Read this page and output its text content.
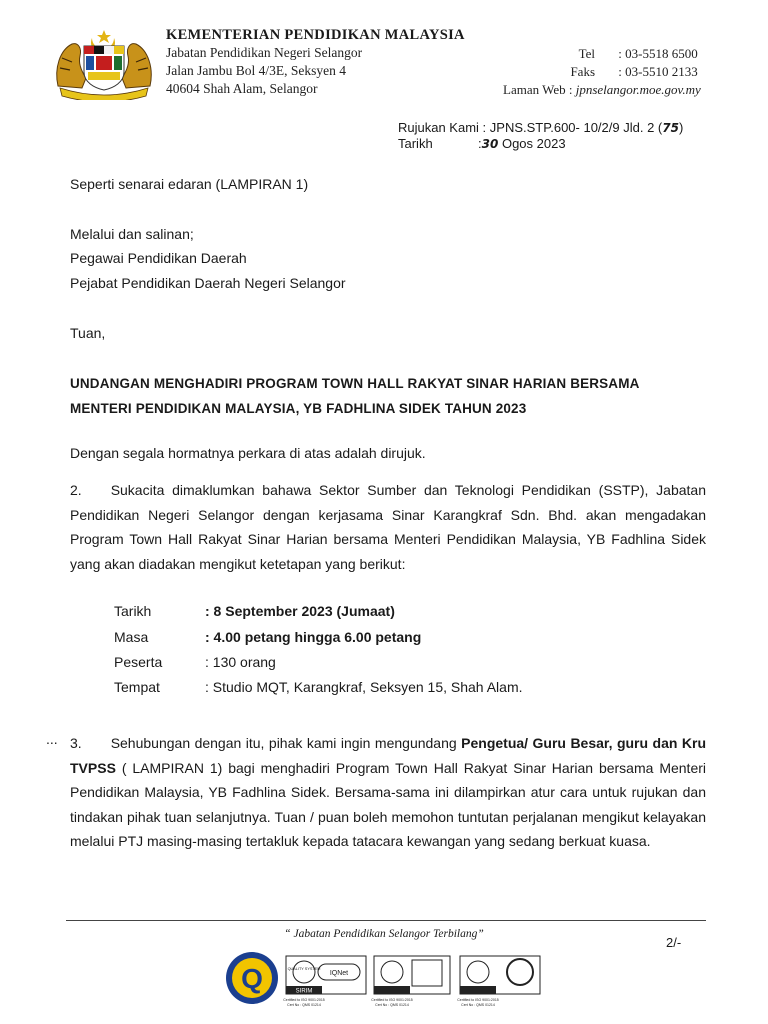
KEMENTERIAN PENDIDIKAN MALAYSIA
Jabatan Pendidikan Negeri Selangor
Jalan Jambu Bol 4/3E, Seksyen 4
40604 Shah Alam, Selangor
Tel : 03-5518 6500
Faks : 03-5510 2133
Laman Web : jpnselangor.moe.gov.my
Rujukan Kami : JPNS.STP.600- 10/2/9 Jld. 2 (75)
Tarikh	:30 Ogos 2023
Seperti senarai edaran (LAMPIRAN 1)
Melalui dan salinan;
Pegawai Pendidikan Daerah
Pejabat Pendidikan Daerah Negeri Selangor
Tuan,
UNDANGAN MENGHADIRI PROGRAM TOWN HALL RAKYAT SINAR HARIAN BERSAMA
MENTERI PENDIDIKAN MALAYSIA, YB FADHLINA SIDEK TAHUN 2023
Dengan segala hormatnya perkara di atas adalah dirujuk.
2. Sukacita dimaklumkan bahawa Sektor Sumber dan Teknologi Pendidikan (SSTP), Jabatan Pendidikan Negeri Selangor dengan kerjasama Sinar Karangkraf Sdn. Bhd. akan mengadakan Program Town Hall Rakyat Sinar Harian bersama Menteri Pendidikan Malaysia, YB Fadhlina Sidek yang akan diadakan mengikut ketetapan yang berikut:
Tarikh	: 8 September 2023 (Jumaat)
Masa	: 4.00 petang hingga 6.00 petang
Peserta	: 130 orang
Tempat	: Studio MQT, Karangkraf, Seksyen 15, Shah Alam.
... 3. Sehubungan dengan itu, pihak kami ingin mengundang Pengetua/ Guru Besar, guru dan Kru TVPSS ( LAMPIRAN 1) bagi menghadiri Program Town Hall Rakyat Sinar Harian bersama Menteri Pendidikan Malaysia, YB Fadhlina Sidek. Bersama-sama ini dilampirkan atur cara untuk rujukan dan tindakan pihak tuan selanjutnya. Tuan / puan boleh memohon tuntutan perjalanan mengikut kelayakan melalui PTJ masing-masing tertakluk kepada tatacara kewangan yang sedang berkuat kuasa.
“ Jabatan Pendidikan Selangor Terbilang”
2/-
Q	QUALITY SYSTEM
IQNet
SIRIM
Certified to ISO 9001:2015
Cert No : QMS 01214
Certified to ISO 9001:2015
Cert No : QMS 01214
Certified to ISO 9001:2015
Cert No : QMS 01214
